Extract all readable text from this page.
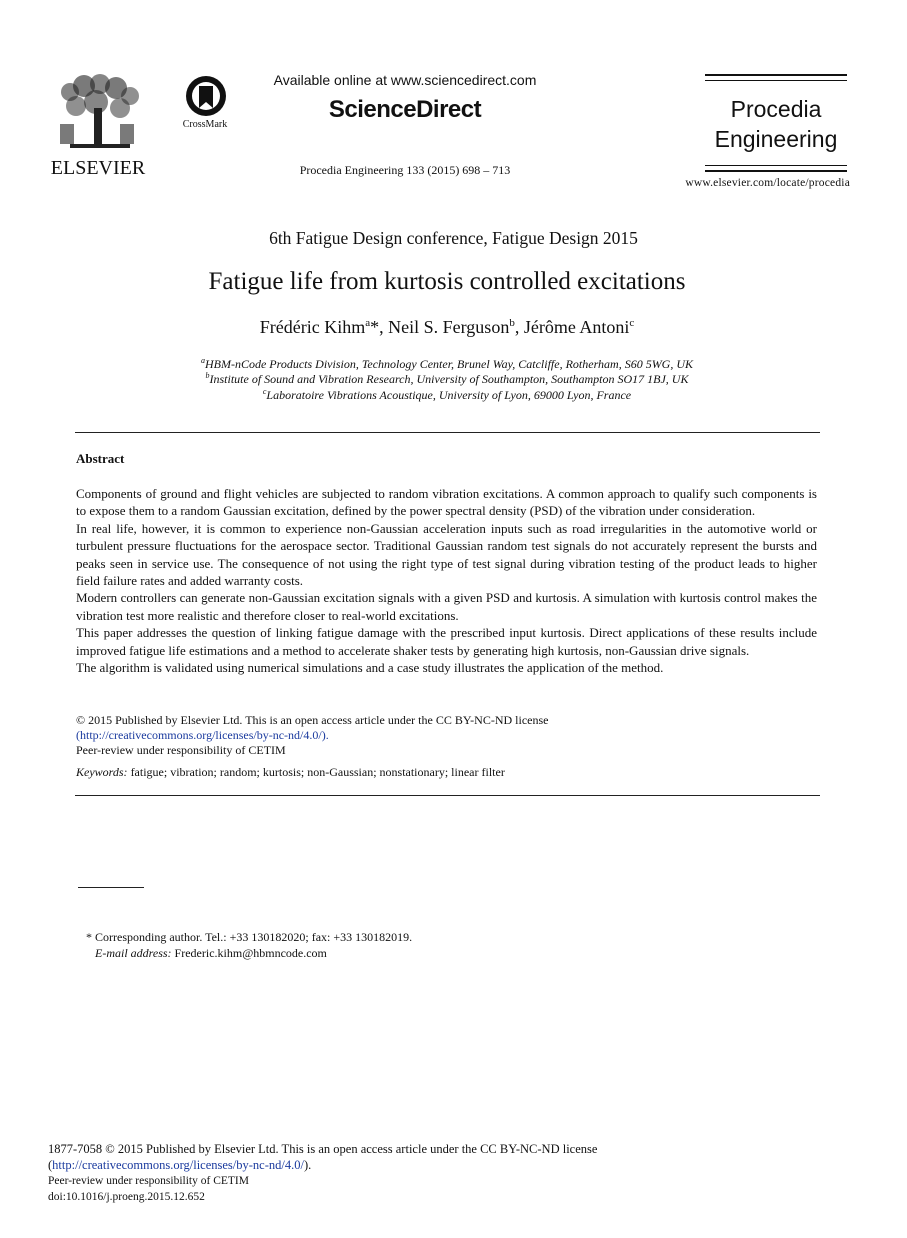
ELSEVIER
CrossMark
Available online at www.sciencedirect.com
ScienceDirect
Procedia Engineering 133 (2015) 698 – 713
Procedia
Engineering
www.elsevier.com/locate/procedia
6th Fatigue Design conference, Fatigue Design 2015
Fatigue life from kurtosis controlled excitations
Frédéric Kihm$^a$*, Neil S. Ferguson$^b$, Jérôme Antoni$^c$
$^a$HBM-nCode Products Division, Technology Center, Brunel Way, Catcliffe, Rotherham, S60 5WG, UK
$^b$Institute of Sound and Vibration Research, University of Southampton, Southampton SO17 1BJ, UK
$^c$Laboratoire Vibrations Acoustique, University of Lyon, 69000 Lyon, France
Abstract

Components of ground and flight vehicles are subjected to random vibration excitations. A common approach to qualify such components is to expose them to a random Gaussian excitation, defined by the power spectral density (PSD) of the vibration under consideration.

In real life, however, it is common to experience non-Gaussian acceleration inputs such as road irregularities in the automotive world or turbulent pressure fluctuations for the aerospace sector. Traditional Gaussian random test signals do not accurately represent the bursts and peaks seen in service use. The consequence of not using the right type of test signal during vibration testing of the product leads to higher field failure rates and added warranty costs.

Modern controllers can generate non-Gaussian excitation signals with a given PSD and kurtosis. A simulation with kurtosis control makes the vibration test more realistic and therefore closer to real-world excitations.

This paper addresses the question of linking fatigue damage with the prescribed input kurtosis. Direct applications of these results include improved fatigue life estimations and a method to accelerate shaker tests by generating high kurtosis, non-Gaussian drive signals.

The algorithm is validated using numerical simulations and a case study illustrates the application of the method.

© 2015 Published by Elsevier Ltd. This is an open access article under the CC BY-NC-ND license
(http://creativecommons.org/licenses/by-nc-nd/4.0/).
Peer-review under responsibility of CETIM
Keywords: fatigue; vibration; random; kurtosis; non-Gaussian; nonstationary; linear filter
* Corresponding author. Tel.: +33 130182020; fax: +33 130182019.
E-mail address: Frederic.kihm@hbmncode.com
1877-7058 © 2015 Published by Elsevier Ltd. This is an open access article under the CC BY-NC-ND license
(http://creativecommons.org/licenses/by-nc-nd/4.0/).
Peer-review under responsibility of CETIM
doi:10.1016/j.proeng.2015.12.652
